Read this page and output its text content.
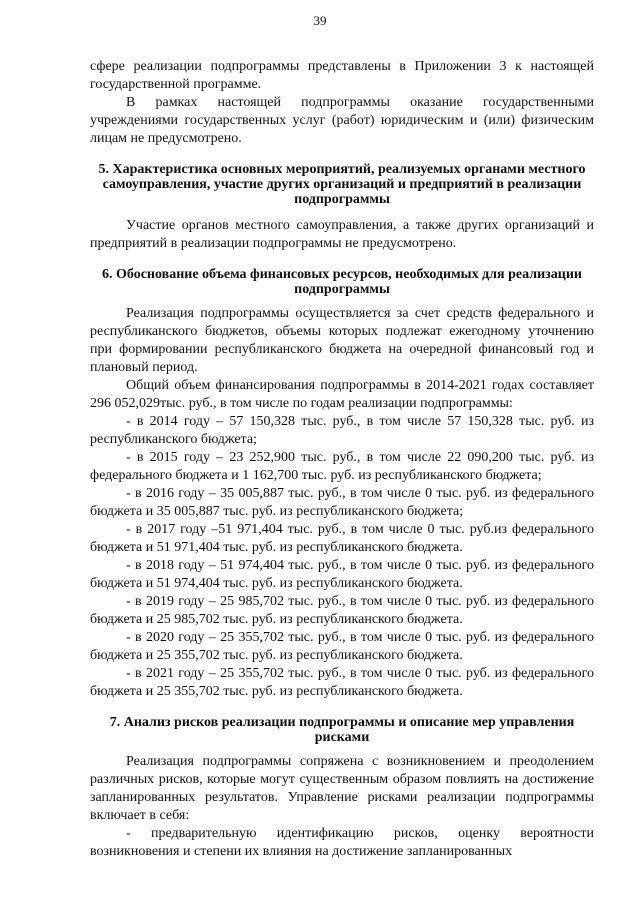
39

сфере реализации подпрограммы представлены в Приложении 3 к настоящей государственной программе.

В рамках настоящей подпрограммы оказание государственными учреждениями государственных услуг (работ) юридическим и (или) физическим лицам не предусмотрено.

5. Характеристика основных мероприятий, реализуемых органами местного самоуправления, участие других организаций и предприятий в реализации подпрограммы

Участие органов местного самоуправления, а также других организаций и предприятий в реализации подпрограммы не предусмотрено.

6. Обоснование объема финансовых ресурсов, необходимых для реализации подпрограммы

Реализация подпрограммы осуществляется за счет средств федерального и республиканского бюджетов, объемы которых подлежат ежегодному уточнению при формировании республиканского бюджета на очередной финансовый год и плановый период.

Общий объем финансирования подпрограммы в 2014-2021 годах составляет 296 052,029тыс. руб., в том числе по годам реализации подпрограммы:

- в 2014 году – 57 150,328 тыс. руб., в том числе 57 150,328 тыс. руб. из республиканского бюджета;

- в 2015 году – 23 252,900 тыс. руб., в том числе 22 090,200 тыс. руб. из федерального бюджета и 1 162,700 тыс. руб. из республиканского бюджета;

- в 2016 году – 35 005,887 тыс. руб., в том числе 0 тыс. руб. из федерального бюджета и 35 005,887 тыс. руб. из республиканского бюджета;

- в 2017 году –51 971,404 тыс. руб., в том числе 0 тыс. руб.из федерального бюджета и 51 971,404 тыс. руб. из республиканского бюджета.

- в 2018 году – 51 974,404 тыс. руб., в том числе 0 тыс. руб. из федерального бюджета и 51 974,404 тыс. руб. из республиканского бюджета.

- в 2019 году – 25 985,702 тыс. руб., в том числе 0 тыс. руб. из федерального бюджета и 25 985,702 тыс. руб. из республиканского бюджета.

- в 2020 году – 25 355,702 тыс. руб., в том числе 0 тыс. руб. из федерального бюджета и 25 355,702 тыс. руб. из республиканского бюджета.

- в 2021 году – 25 355,702 тыс. руб., в том числе 0 тыс. руб. из федерального бюджета и 25 355,702 тыс. руб. из республиканского бюджета.

7. Анализ рисков реализации подпрограммы и описание мер управления рисками

Реализация подпрограммы сопряжена с возникновением и преодолением различных рисков, которые могут существенным образом повлиять на достижение запланированных результатов. Управление рисками реализации подпрограммы включает в себя:

- предварительную идентификацию рисков, оценку вероятности возникновения и степени их влияния на достижение запланированных
